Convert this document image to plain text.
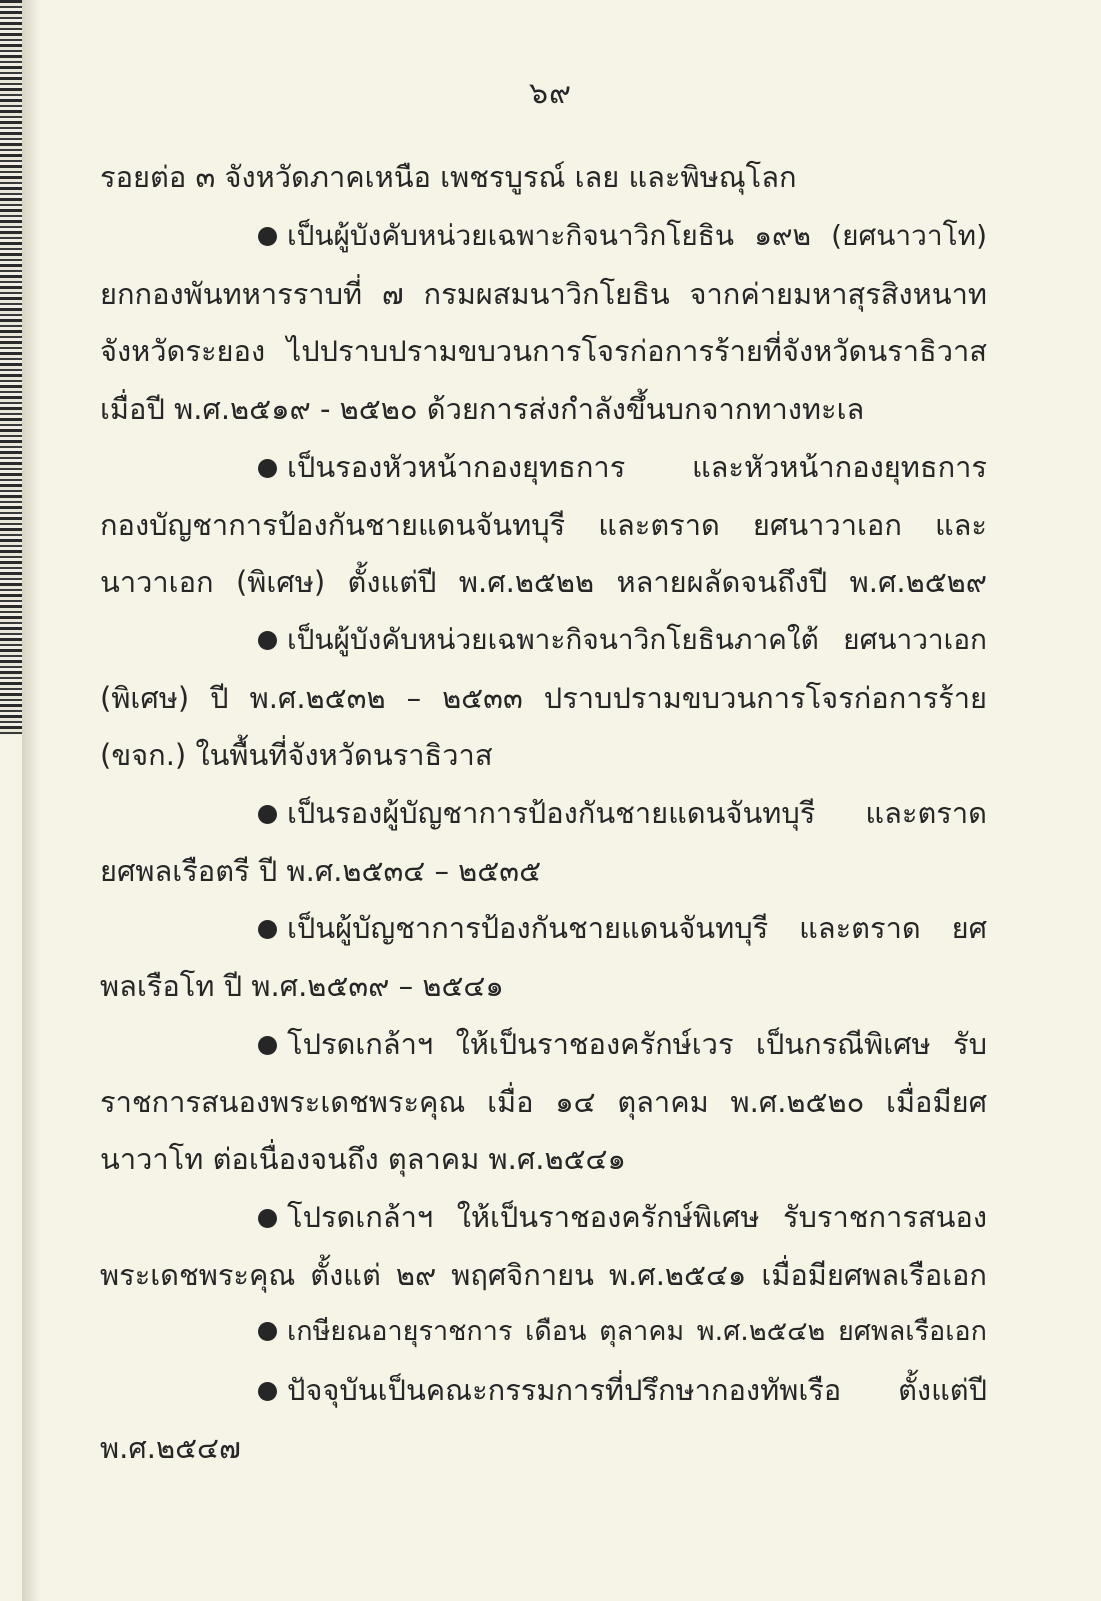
๖๙
รอยต่อ ๓ จังหวัดภาคเหนือ เพชรบูรณ์ เลย และพิษณุโลก
เป็นผู้บังคับหน่วยเฉพาะกิจนาวิกโยธิน ๑๙๒ (ยศนาวาโท)
ยกกองพันทหารราบที่ ๗ กรมผสมนาวิกโยธิน จากค่ายมหาสุรสิงหนาท
จังหวัดระยอง ไปปราบปรามขบวนการโจรก่อการร้ายที่จังหวัดนราธิวาส
เมื่อปี พ.ศ.๒๕๑๙ - ๒๕๒๐ ด้วยการส่งกำลังขึ้นบกจากทางทะเล
เป็นรองหัวหน้ากองยุทธการ และหัวหน้ากองยุทธการ
กองบัญชาการป้องกันชายแดนจันทบุรี และตราด ยศนาวาเอก และ
นาวาเอก (พิเศษ) ตั้งแต่ปี พ.ศ.๒๕๒๒ หลายผลัดจนถึงปี พ.ศ.๒๕๒๙
เป็นผู้บังคับหน่วยเฉพาะกิจนาวิกโยธินภาคใต้ ยศนาวาเอก
(พิเศษ) ปี พ.ศ.๒๕๓๒ – ๒๕๓๓ ปราบปรามขบวนการโจรก่อการร้าย
(ขจก.) ในพื้นที่จังหวัดนราธิวาส
เป็นรองผู้บัญชาการป้องกันชายแดนจันทบุรี และตราด
ยศพลเรือตรี ปี พ.ศ.๒๕๓๔ – ๒๕๓๕
เป็นผู้บัญชาการป้องกันชายแดนจันทบุรี และตราด ยศ
พลเรือโท ปี พ.ศ.๒๕๓๙ – ๒๕๔๑
โปรดเกล้าฯ ให้เป็นราชองครักษ์เวร เป็นกรณีพิเศษ รับ
ราชการสนองพระเดชพระคุณ เมื่อ ๑๔ ตุลาคม พ.ศ.๒๕๒๐ เมื่อมียศ
นาวาโท ต่อเนื่องจนถึง ตุลาคม พ.ศ.๒๕๔๑
โปรดเกล้าฯ ให้เป็นราชองครักษ์พิเศษ รับราชการสนอง
พระเดชพระคุณ ตั้งแต่ ๒๙ พฤศจิกายน พ.ศ.๒๕๔๑ เมื่อมียศพลเรือเอก
เกษียณอายุราชการ เดือน ตุลาคม พ.ศ.๒๕๔๒ ยศพลเรือเอก
ปัจจุบันเป็นคณะกรรมการที่ปรึกษากองทัพเรือ ตั้งแต่ปี
พ.ศ.๒๕๔๗
